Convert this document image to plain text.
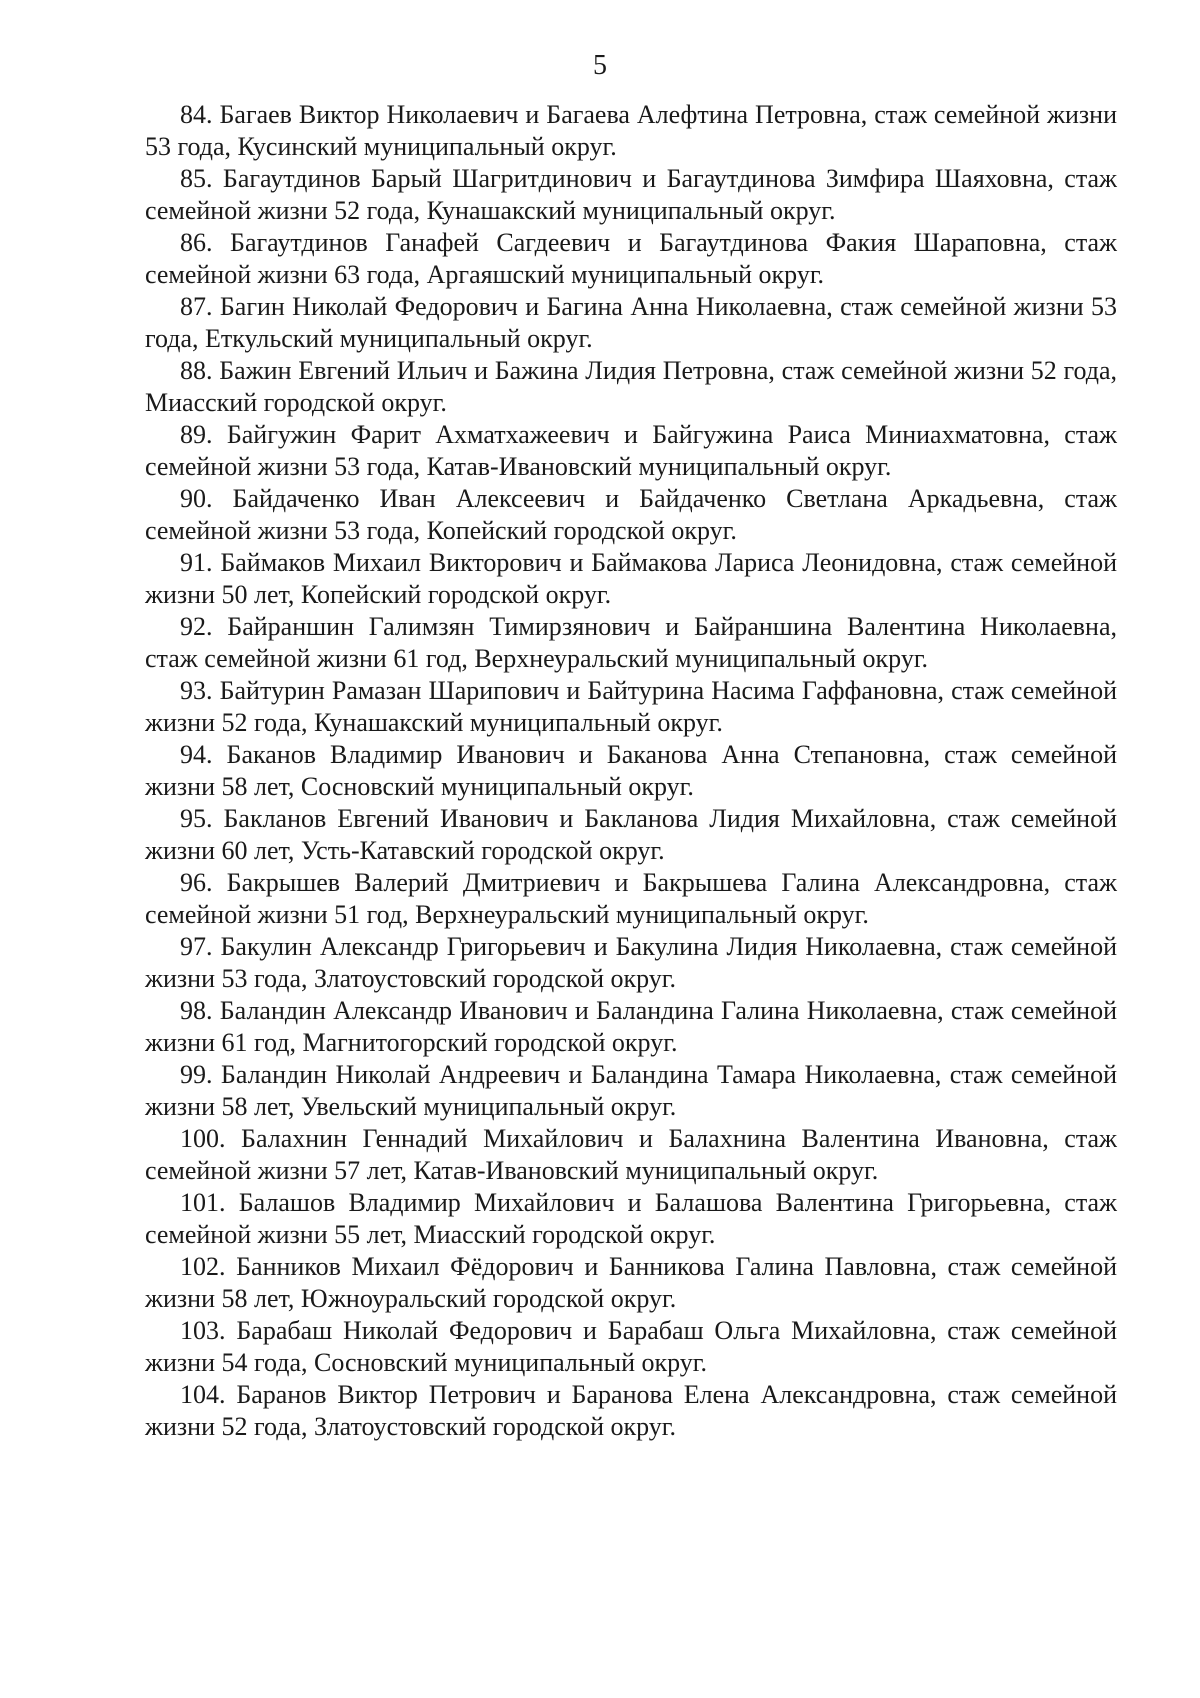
5
84. Багаев Виктор Николаевич и Багаева Алефтина Петровна, стаж семейной жизни 53 года, Кусинский муниципальный округ.
85. Багаутдинов Барый Шагритдинович и Багаутдинова Зимфира Шаяховна, стаж семейной жизни 52 года, Кунашакский муниципальный округ.
86. Багаутдинов Ганафей Сагдеевич и Багаутдинова Факия Шараповна, стаж семейной жизни 63 года, Аргаяшский муниципальный округ.
87. Багин Николай Федорович и Багина Анна Николаевна, стаж семейной жизни 53 года, Еткульский муниципальный округ.
88. Бажин Евгений Ильич и Бажина Лидия Петровна, стаж семейной жизни 52 года, Миасский городской округ.
89. Байгужин Фарит Ахматхажеевич и Байгужина Раиса Миниахматовна, стаж семейной жизни 53 года, Катав-Ивановский муниципальный округ.
90. Байдаченко Иван Алексеевич и Байдаченко Светлана Аркадьевна, стаж семейной жизни 53 года, Копейский городской округ.
91. Баймаков Михаил Викторович и Баймакова Лариса Леонидовна, стаж семейной жизни 50 лет, Копейский городской округ.
92. Байраншин Галимзян Тимирзянович и Байраншина Валентина Николаевна, стаж семейной жизни 61 год, Верхнеуральский муниципальный округ.
93. Байтурин Рамазан Шарипович и Байтурина Насима Гаффановна, стаж семейной жизни 52 года, Кунашакский муниципальный округ.
94. Баканов Владимир Иванович и Баканова Анна Степановна, стаж семейной жизни 58 лет, Сосновский муниципальный округ.
95. Бакланов Евгений Иванович и Бакланова Лидия Михайловна, стаж семейной жизни 60 лет, Усть-Катавский городской округ.
96. Бакрышев Валерий Дмитриевич и Бакрышева Галина Александровна, стаж семейной жизни 51 год, Верхнеуральский муниципальный округ.
97. Бакулин Александр Григорьевич и Бакулина Лидия Николаевна, стаж семейной жизни 53 года, Златоустовский городской округ.
98. Баландин Александр Иванович и Баландина Галина Николаевна, стаж семейной жизни 61 год, Магнитогорский городской округ.
99. Баландин Николай Андреевич и Баландина Тамара Николаевна, стаж семейной жизни 58 лет, Увельский муниципальный округ.
100. Балахнин Геннадий Михайлович и Балахнина Валентина Ивановна, стаж семейной жизни 57 лет, Катав-Ивановский муниципальный округ.
101. Балашов Владимир Михайлович и Балашова Валентина Григорьевна, стаж семейной жизни 55 лет, Миасский городской округ.
102. Банников Михаил Фёдорович и Банникова Галина Павловна, стаж семейной жизни 58 лет, Южноуральский городской округ.
103. Барабаш Николай Федорович и Барабаш Ольга Михайловна, стаж семейной жизни 54 года, Сосновский муниципальный округ.
104. Баранов Виктор Петрович и Баранова Елена Александровна, стаж семейной жизни 52 года, Златоустовский городской округ.
